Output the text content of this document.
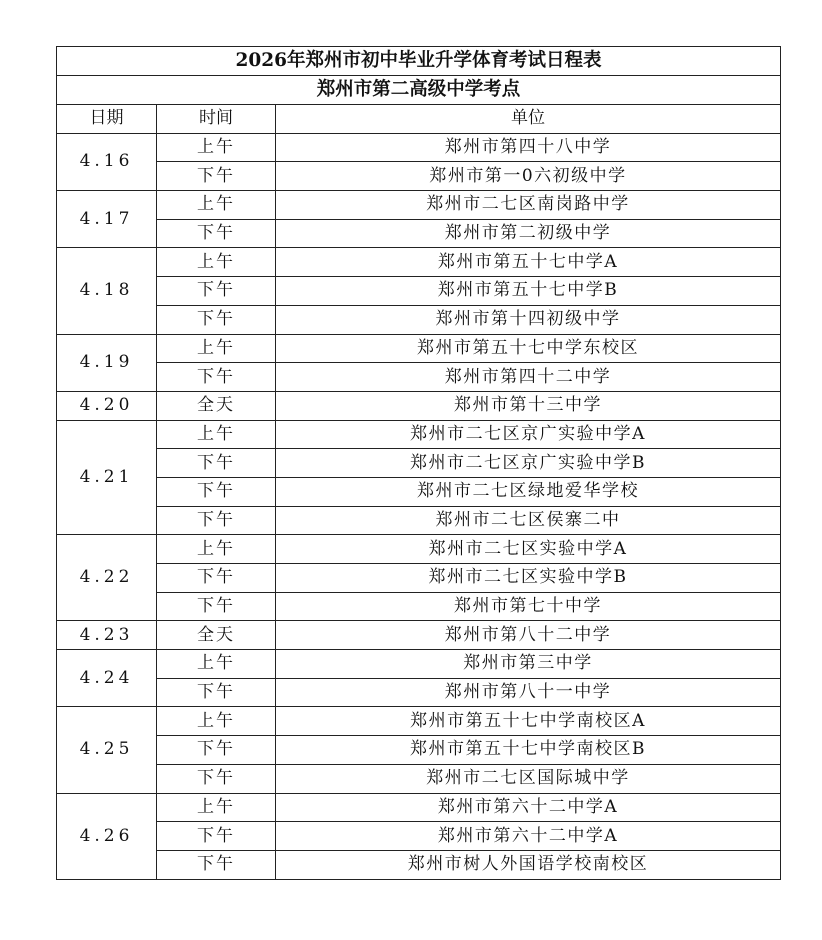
2026年郑州市初中毕业升学体育考试日程表		
郑州市第二高级中学考点		
日期	时间	单位
4.16	上午	郑州市第四十八中学
	下午	郑州市第一0六初级中学
4.17	上午	郑州市二七区南岗路中学
	下午	郑州市第二初级中学
4.18	上午	郑州市第五十七中学A
	下午	郑州市第五十七中学B
	下午	郑州市第十四初级中学
4.19	上午	郑州市第五十七中学东校区
	下午	郑州市第四十二中学
4.20	全天	郑州市第十三中学
4.21	上午	郑州市二七区京广实验中学A
	下午	郑州市二七区京广实验中学B
	下午	郑州市二七区绿地爱华学校
	下午	郑州市二七区侯寨二中
4.22	上午	郑州市二七区实验中学A
	下午	郑州市二七区实验中学B
	下午	郑州市第七十中学
4.23	全天	郑州市第八十二中学
4.24	上午	郑州市第三中学
	下午	郑州市第八十一中学
4.25	上午	郑州市第五十七中学南校区A
	下午	郑州市第五十七中学南校区B
	下午	郑州市二七区国际城中学
4.26	上午	郑州市第六十二中学A
	下午	郑州市第六十二中学A
	下午	郑州市树人外国语学校南校区
